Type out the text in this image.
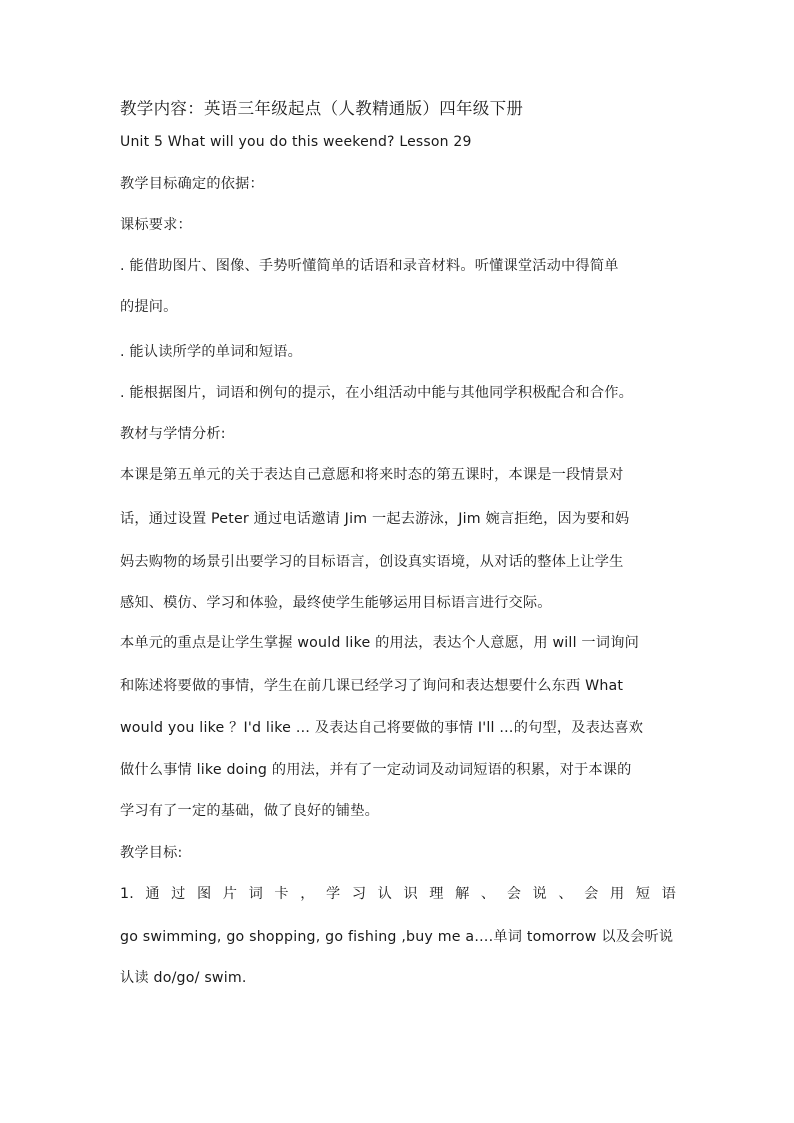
教学内容：英语三年级起点（人教精通版）四年级下册
Unit 5 What will you do this weekend? Lesson 29
教学目标确定的依据：
课标要求：
. 能借助图片、图像、手势听懂简单的话语和录音材料。听懂课堂活动中得简单
的提问。
. 能认读所学的单词和短语。
. 能根据图片，词语和例句的提示，在小组活动中能与其他同学积极配合和合作。
教材与学情分析:
本课是第五单元的关于表达自己意愿和将来时态的第五课时，本课是一段情景对
话，通过设置 Peter 通过电话邀请 Jim 一起去游泳，Jim 婉言拒绝，因为要和妈
妈去购物的场景引出要学习的目标语言，创设真实语境，从对话的整体上让学生
感知、模仿、学习和体验，最终使学生能够运用目标语言进行交际。
本单元的重点是让学生掌握 would like 的用法，表达个人意愿，用 will 一词询问
和陈述将要做的事情，学生在前几课已经学习了询问和表达想要什么东西 What
would you like ？I'd like … 及表达自己将要做的事情 I'll …的句型，及表达喜欢
做什么事情 like doing 的用法，并有了一定动词及动词短语的积累，对于本课的
学习有了一定的基础，做了良好的铺垫。
教学目标:
1. 通 过 图 片 词 卡 ， 学 习 认 识 理 解 、 会 说 、 会 用 短 语
go swimming, go shopping, go fishing ,buy me a….单词 tomorrow 以及会听说
认读 do/go/ swim.
